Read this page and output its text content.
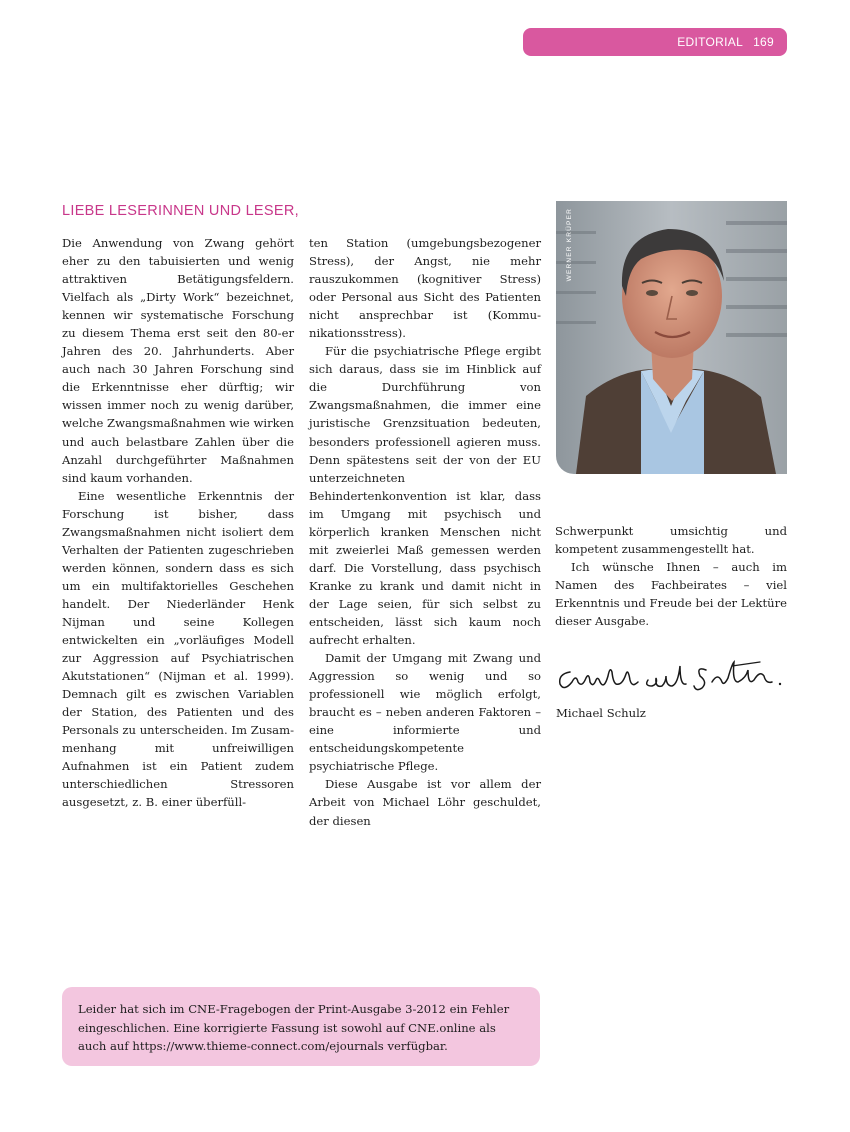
EDITORIAL 169
LIEBE LESERINNEN UND LESER,

Die Anwendung von Zwang gehört eher zu den tabuisierten und wenig attraktiven Betätigungsfeldern. Vielfach als „Dirty Work“ bezeichnet, kennen wir systematische Forschung zu diesem Thema erst seit den 80-er Jahren des 20. Jahrhunderts. Aber auch nach 30 Jahren Forschung sind die Erkenntnisse eher dürftig; wir wissen immer noch zu wenig darüber, welche Zwangsmaßnahmen wie wirken und auch belastbare Zahlen über die Anzahl durchgeführter Maßnahmen sind kaum vorhanden.

Eine wesentliche Erkenntnis der Forschung ist bisher, dass Zwangsmaßnahmen nicht isoliert dem Verhalten der Patienten zugeschrieben werden können, sondern dass es sich um ein multifaktorielles Geschehen handelt. Der Niederländer Henk Nijman und seine Kollegen entwickelten ein „vorläufiges Modell zur Aggression auf Psychiatrischen Akutstationen“ (Nijman et al. 1999). Demnach gilt es zwischen Variablen der Station, des Patienten und des Personals zu unterscheiden. Im Zusammenhang mit unfreiwilligen Aufnahmen ist ein Patient zudem unterschiedlichen Stressoren ausgesetzt, z. B. einer überfüll-

ten Station (umgebungsbezogener Stress), der Angst, nie mehr rauszukommen (kognitiver Stress) oder Personal aus Sicht des Patienten nicht ansprechbar ist (Kommunikationsstress).

Für die psychiatrische Pflege ergibt sich daraus, dass sie im Hinblick auf die Durchführung von Zwangsmaßnahmen, die immer eine juristische Grenzsituation bedeuten, besonders professionell agieren muss. Denn spätestens seit der von der EU unterzeichneten Behindertenkonvention ist klar, dass im Umgang mit psychisch und körperlich kranken Menschen nicht mit zweierlei Maß gemessen werden darf. Die Vorstellung, dass psychisch Kranke zu krank und damit nicht in der Lage seien, für sich selbst zu entscheiden, lässt sich kaum noch aufrecht erhalten.

Damit der Umgang mit Zwang und Aggression so wenig und so professionell wie möglich erfolgt, braucht es – neben anderen Faktoren – eine informierte und entscheidungskompetente psychiatrische Pflege.

Diese Ausgabe ist vor allem der Arbeit von Michael Löhr geschuldet, der diesen

WERNER KRÜPER

Schwerpunkt umsichtig und kompetent zusammengestellt hat.

Ich wünsche Ihnen – auch im Namen des Fachbeirates – viel Erkenntnis und Freude bei der Lektüre dieser Ausgabe.

Michael Schulz
Leider hat sich im CNE-Fragebogen der Print-Ausgabe 3-2012 ein Fehler eingeschlichen. Eine korrigierte Fassung ist sowohl auf CNE.online als auch auf https://www.thieme-connect.com/ejournals verfügbar.
